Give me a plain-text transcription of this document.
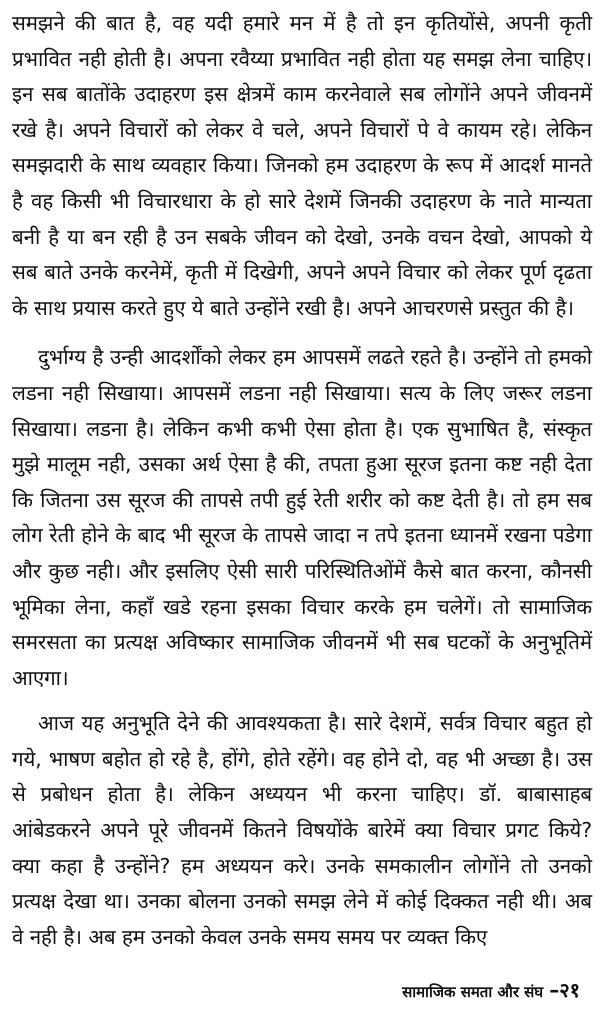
समझने की बात है, वह यदी हमारे मन में है तो इन कृतियोंसे, अपनी कृती प्रभावित नही होती है। अपना रवैय्या प्रभावित नही होता यह समझ लेना चाहिए। इन सब बातोंके उदाहरण इस क्षेत्रमें काम करनेवाले सब लोगोंने अपने जीवनमें रखे है। अपने विचारों को लेकर वे चले, अपने विचारों पे वे कायम रहे। लेकिन समझदारी के साथ व्यवहार किया। जिनको हम उदाहरण के रूप में आदर्श मानते है वह किसी भी विचारधारा के हो सारे देशमें जिनकी उदाहरण के नाते मान्यता बनी है या बन रही है उन सबके जीवन को देखो, उनके वचन देखो, आपको ये सब बाते उनके करनेमें, कृती में दिखेगी, अपने अपने विचार को लेकर पूर्ण दृढता के साथ प्रयास करते हुए ये बाते उन्होंने रखी है। अपने आचरणसे प्रस्तुत की है।

दुर्भाग्य है उन्ही आदर्शोंको लेकर हम आपसमें लढते रहते है। उन्होंने तो हमको लडना नही सिखाया। आपसमें लडना नही सिखाया। सत्य के लिए जरूर लडना सिखाया। लडना है। लेकिन कभी कभी ऐसा होता है। एक सुभाषित है, संस्कृत मुझे मालूम नही, उसका अर्थ ऐसा है की, तपता हुआ सूरज इतना कष्ट नही देता कि जितना उस सूरज की तापसे तपी हुई रेती शरीर को कष्ट देती है। तो हम सब लोग रेती होने के बाद भी सूरज के तापसे जादा न तपे इतना ध्यानमें रखना पडेगा और कुछ नही। और इसलिए ऐसी सारी परिस्थितिओंमें कैसे बात करना, कौनसी भूमिका लेना, कहाँ खडे रहना इसका विचार करके हम चलेगें। तो सामाजिक समरसता का प्रत्यक्ष अविष्कार सामाजिक जीवनमें भी सब घटकों के अनुभूतिमें आएगा।

आज यह अनुभूति देने की आवश्यकता है। सारे देशमें, सर्वत्र विचार बहुत हो गये, भाषण बहोत हो रहे है, होंगे, होते रहेंगे। वह होने दो, वह भी अच्छा है। उस से प्रबोधन होता है। लेकिन अध्ययन भी करना चाहिए। डॉ. बाबासाहब आंबेडकरने अपने पूरे जीवनमें कितने विषयोंके बारेमें क्या विचार प्रगट किये? क्या कहा है उन्होंने? हम अध्ययन करे। उनके समकालीन लोगोंने तो उनको प्रत्यक्ष देखा था। उनका बोलना उनको समझ लेने में कोई दिक्कत नही थी। अब वे नही है। अब हम उनको केवल उनके समय समय पर व्यक्त किए

सामाजिक समता और संघ –२१
